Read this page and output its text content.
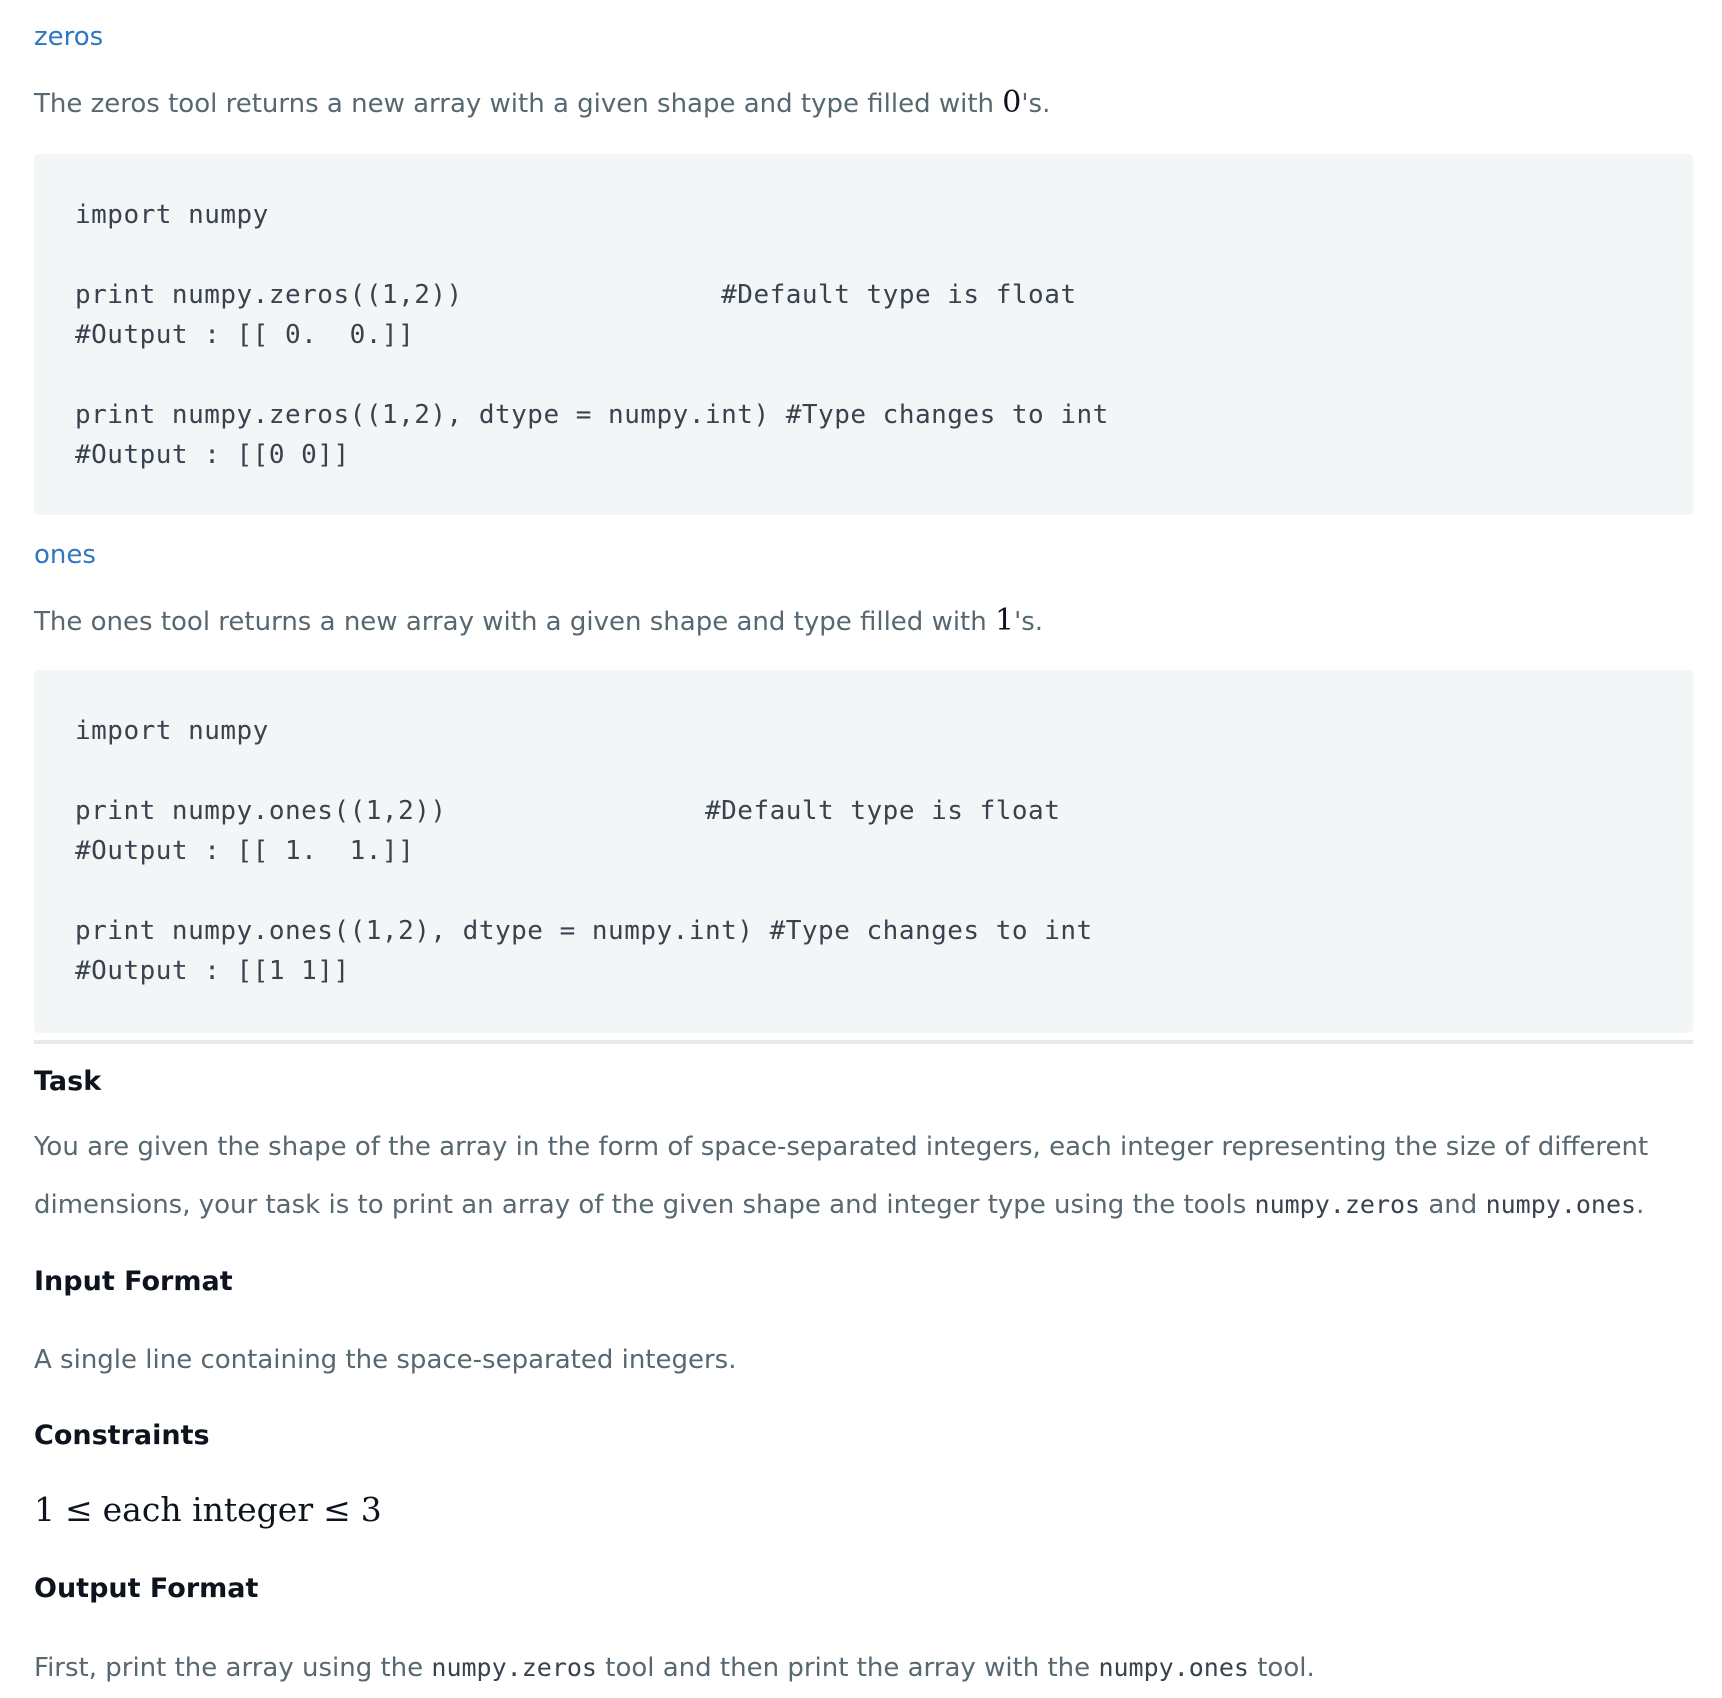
zeros

The zeros tool returns a new array with a given shape and type filled with 0's.

import numpy
print numpy.zeros((1,2))                #Default type is float
#Output : [[ 0.  0.]]
print numpy.zeros((1,2), dtype = numpy.int) #Type changes to int
#Output : [[0 0]]
ones

The ones tool returns a new array with a given shape and type filled with 1's.

import numpy
print numpy.ones((1,2))                #Default type is float
#Output : [[ 1.  1.]]
print numpy.ones((1,2), dtype = numpy.int) #Type changes to int
#Output : [[1 1]]
Task

You are given the shape of the array in the form of space-separated integers, each integer representing the size of different
dimensions, your task is to print an array of the given shape and integer type using the tools numpy.zeros and numpy.ones.

Input Format

A single line containing the space-separated integers.

Constraints
1 ≤ each integer ≤ 3
Output Format

First, print the array using the numpy.zeros tool and then print the array with the numpy.ones tool.
